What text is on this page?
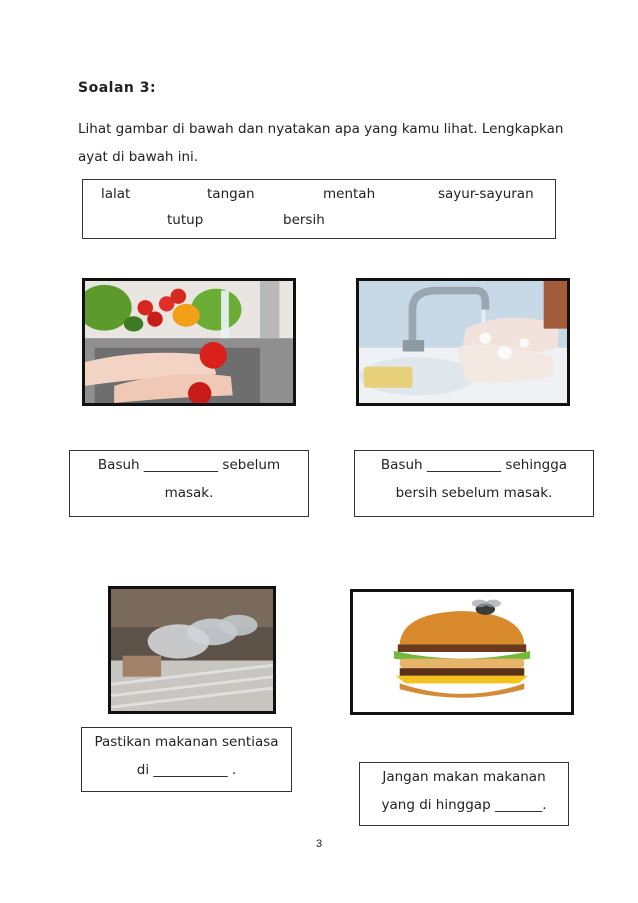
Soalan 3:
Lihat gambar di bawah dan nyatakan apa yang kamu lihat. Lengkapkan
ayat di bawah ini.
lalat	tangan	mentah	sayur-sayuran
tutup	bersih
Basuh ___________ sebelum
masak.
Basuh ___________ sehingga
bersih sebelum masak.
Pastikan makanan sentiasa
di ___________ .	Jangan makan makanan
yang di hinggap _______.
3
